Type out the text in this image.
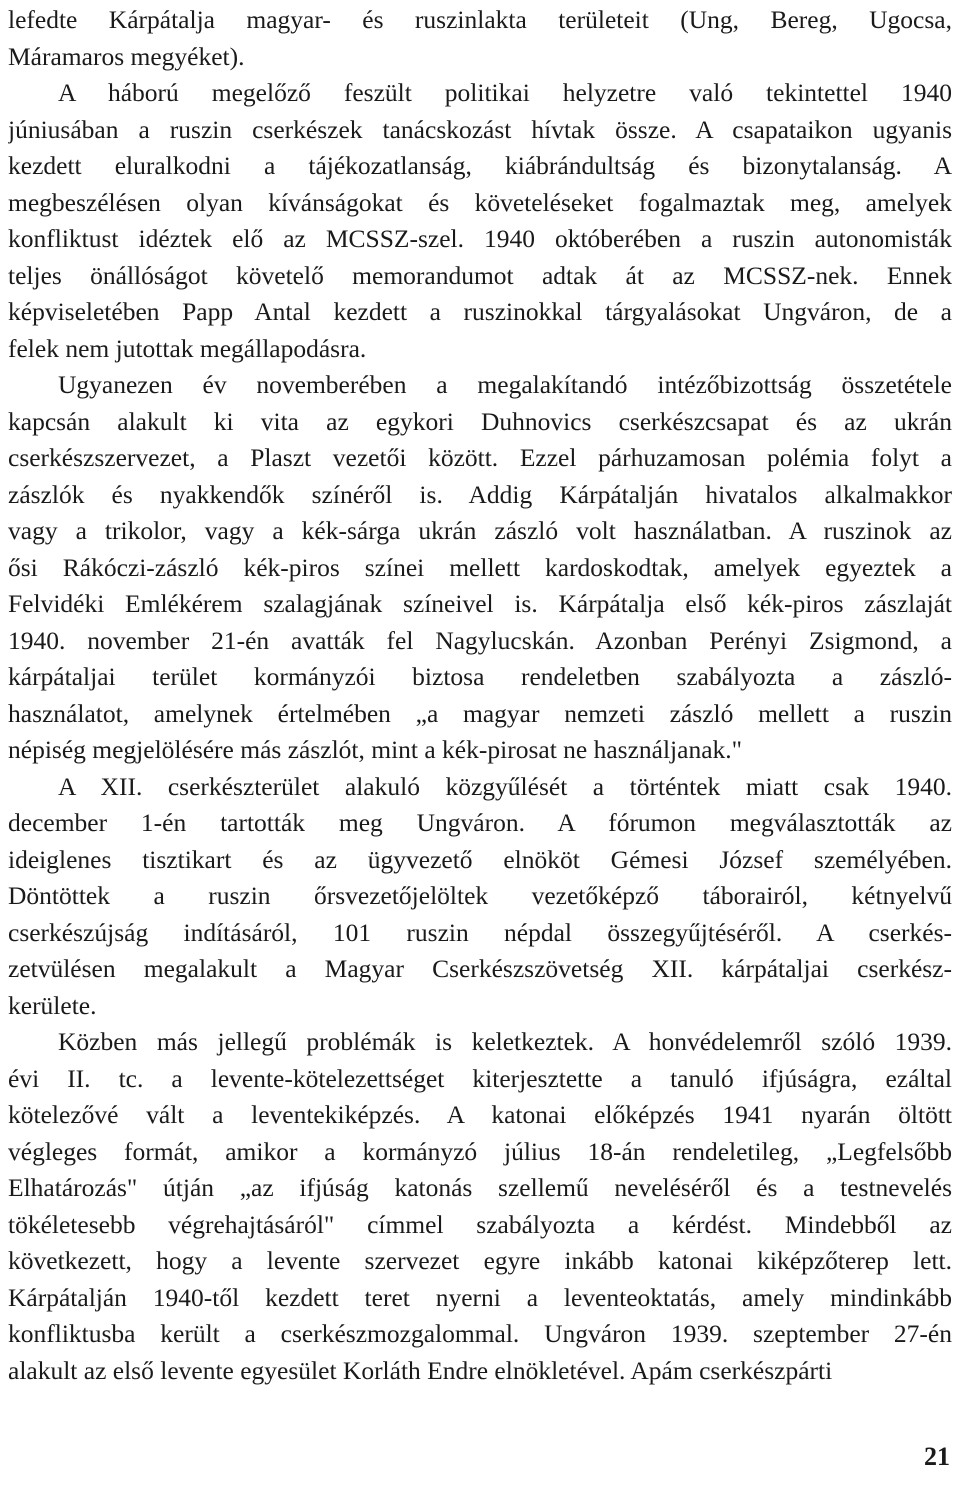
lefedte Kárpátalja magyar- és ruszinlakta területeit (Ung, Bereg, Ugocsa,
Máramaros megyéket).
A háború megelőző feszült politikai helyzetre való tekintettel 1940
júniusában a ruszin cserkészek tanácskozást hívtak össze. A csapataikon ugyanis
kezdett eluralkodni a tájékozatlanság, kiábrándultság és bizonytalanság. A
megbeszélésen olyan kívánságokat és követeléseket fogalmaztak meg, amelyek
konfliktust idéztek elő az MCSSZ-szel. 1940 októberében a ruszin autonomisták
teljes önállóságot követelő memorandumot adtak át az MCSSZ-nek. Ennek
képviseletében Papp Antal kezdett a ruszinokkal tárgyalásokat Ungváron, de a
felek nem jutottak megállapodásra.
Ugyanezen év novemberében a megalakítandó intézőbizottság összetétele
kapcsán alakult ki vita az egykori Duhnovics cserkészcsapat és az ukrán
cserkészszervezet, a Plaszt vezetői között. Ezzel párhuzamosan polémia folyt a
zászlók és nyakkendők színéről is. Addig Kárpátalján hivatalos alkalmakkor
vagy a trikolor, vagy a kék-sárga ukrán zászló volt használatban. A ruszinok az
ősi Rákóczi-zászló kék-piros színei mellett kardoskodtak, amelyek egyeztek a
Felvidéki Emlékérem szalagjának színeivel is. Kárpátalja első kék-piros zászlaját
1940. november 21-én avatták fel Nagylucskán. Azonban Perényi Zsigmond, a
kárpátaljai terület kormányzói biztosa rendeletben szabályozta a zászló-
használatot, amelynek értelmében „a magyar nemzeti zászló mellett a ruszin
népiség megjelölésére más zászlót, mint a kék-pirosat ne használjanak."
A XII. cserkészterület alakuló közgyűlését a történtek miatt csak 1940.
december 1-én tartották meg Ungváron. A fórumon megválasztották az
ideiglenes tisztikart és az ügyvezető elnököt Gémesi József személyében.
Döntöttek a ruszin őrsvezetőjelöltek vezetőképző táborairól, kétnyelvű
cserkészújság indításáról, 101 ruszin népdal összegyűjtéséről. A cserkés-
zetvülésen megalakult a Magyar Cserkészszövetség XII. kárpátaljai cserkész-
kerülete.
Közben más jellegű problémák is keletkeztek. A honvédelemről szóló 1939.
évi II. tc. a levente-kötelezettséget kiterjesztette a tanuló ifjúságra, ezáltal
kötelezővé vált a leventekiképzés. A katonai előképzés 1941 nyarán öltött
végleges formát, amikor a kormányzó július 18-án rendeletileg, „Legfelsőbb
Elhatározás" útján „az ifjúság katonás szellemű neveléséről és a testnevelés
tökéletesebb végrehajtásáról" címmel szabályozta a kérdést. Mindebből az
következett, hogy a levente szervezet egyre inkább katonai kiképzőterep lett.
Kárpátalján 1940-től kezdett teret nyerni a leventeoktatás, amely mindinkább
konfliktusba került a cserkészmozgalommal. Ungváron 1939. szeptember 27-én
alakult az első levente egyesület Korláth Endre elnökletével. Apám cserkészpárti
21
